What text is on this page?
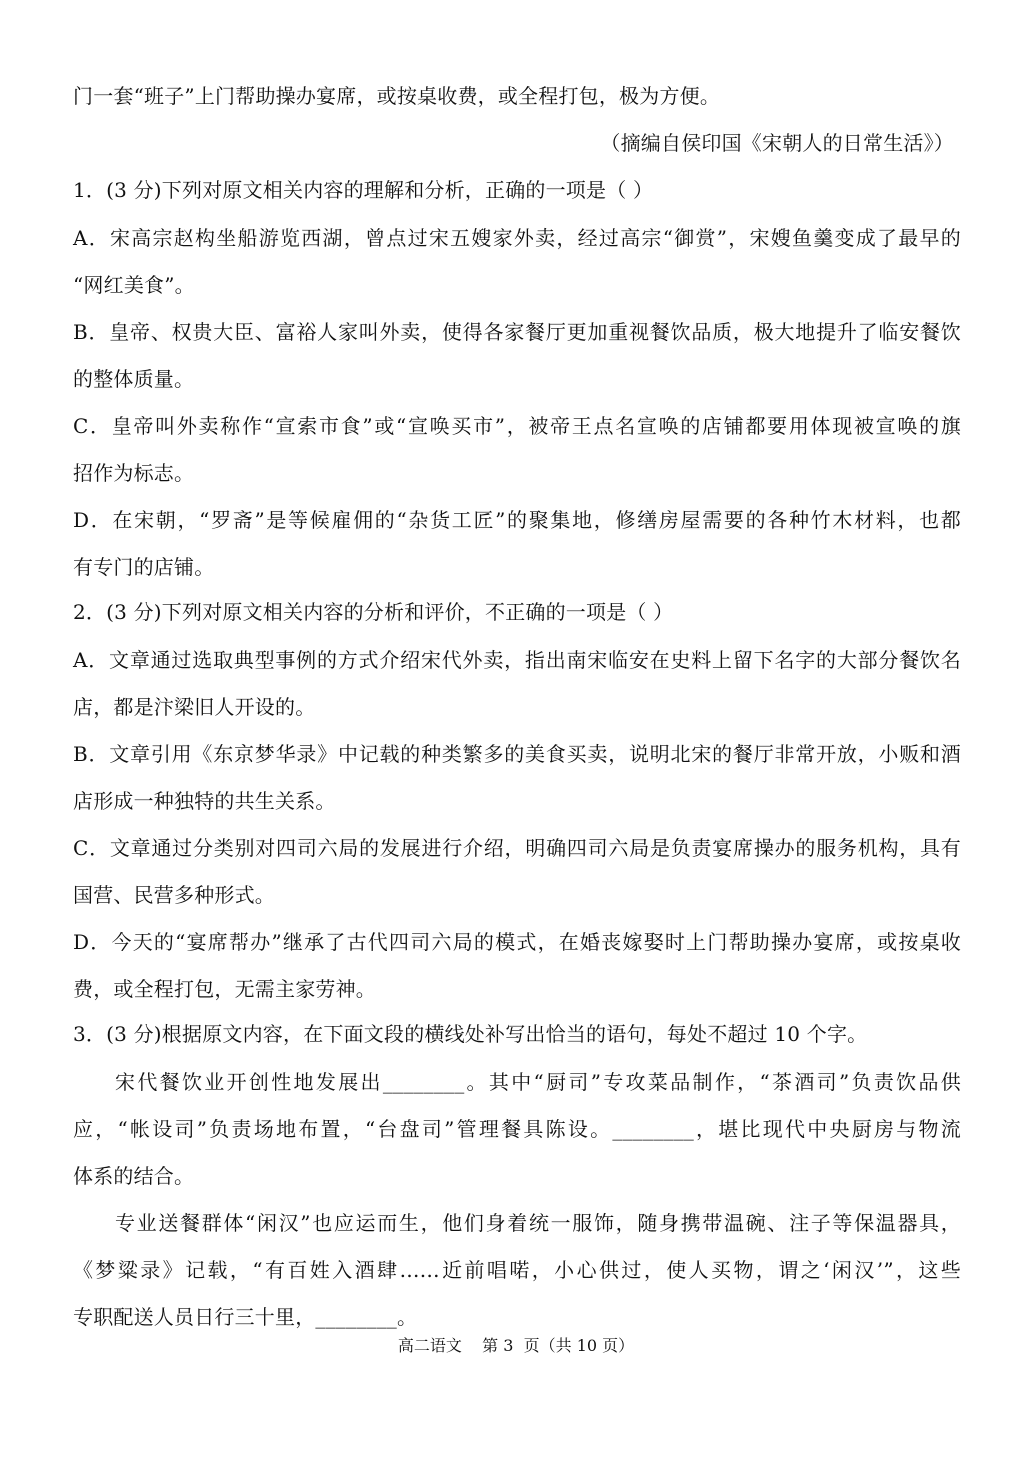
门一套“班子”上门帮助操办宴席，或按桌收费，或全程打包，极为方便。
（摘编自侯印国《宋朝人的日常生活》）
1．(3 分)下列对原文相关内容的理解和分析，正确的一项是（ ）
A．宋高宗赵构坐船游览西湖，曾点过宋五嫂家外卖，经过高宗“御赏”，宋嫂鱼羹变成了最早的
“网红美食”。
B．皇帝、权贵大臣、富裕人家叫外卖，使得各家餐厅更加重视餐饮品质，极大地提升了临安餐饮
的整体质量。
C．皇帝叫外卖称作“宣索市食”或“宣唤买市”，被帝王点名宣唤的店铺都要用体现被宣唤的旗
招作为标志。
D．在宋朝，“罗斋”是等候雇佣的“杂货工匠”的聚集地，修缮房屋需要的各种竹木材料，也都
有专门的店铺。
2．(3 分)下列对原文相关内容的分析和评价，不正确的一项是（ ）
A．文章通过选取典型事例的方式介绍宋代外卖，指出南宋临安在史料上留下名字的大部分餐饮名
店，都是汴梁旧人开设的。
B．文章引用《东京梦华录》中记载的种类繁多的美食买卖，说明北宋的餐厅非常开放，小贩和酒
店形成一种独特的共生关系。
C．文章通过分类别对四司六局的发展进行介绍，明确四司六局是负责宴席操办的服务机构，具有
国营、民营多种形式。
D．今天的“宴席帮办”继承了古代四司六局的模式，在婚丧嫁娶时上门帮助操办宴席，或按桌收
费，或全程打包，无需主家劳神。
3．(3 分)根据原文内容，在下面文段的横线处补写出恰当的语句，每处不超过 10 个字。
宋代餐饮业开创性地发展出________。其中“厨司”专攻菜品制作，“茶酒司”负责饮品供
应，“帐设司”负责场地布置，“台盘司”管理餐具陈设。________，堪比现代中央厨房与物流
体系的结合。
专业送餐群体“闲汉”也应运而生，他们身着统一服饰，随身携带温碗、注子等保温器具，
《梦粱录》记载，“有百姓入酒肆……近前唱喏，小心供过，使人买物，谓之‘闲汉’”，这些
专职配送人员日行三十里，________。
高二语文    第 3  页（共 10 页）
